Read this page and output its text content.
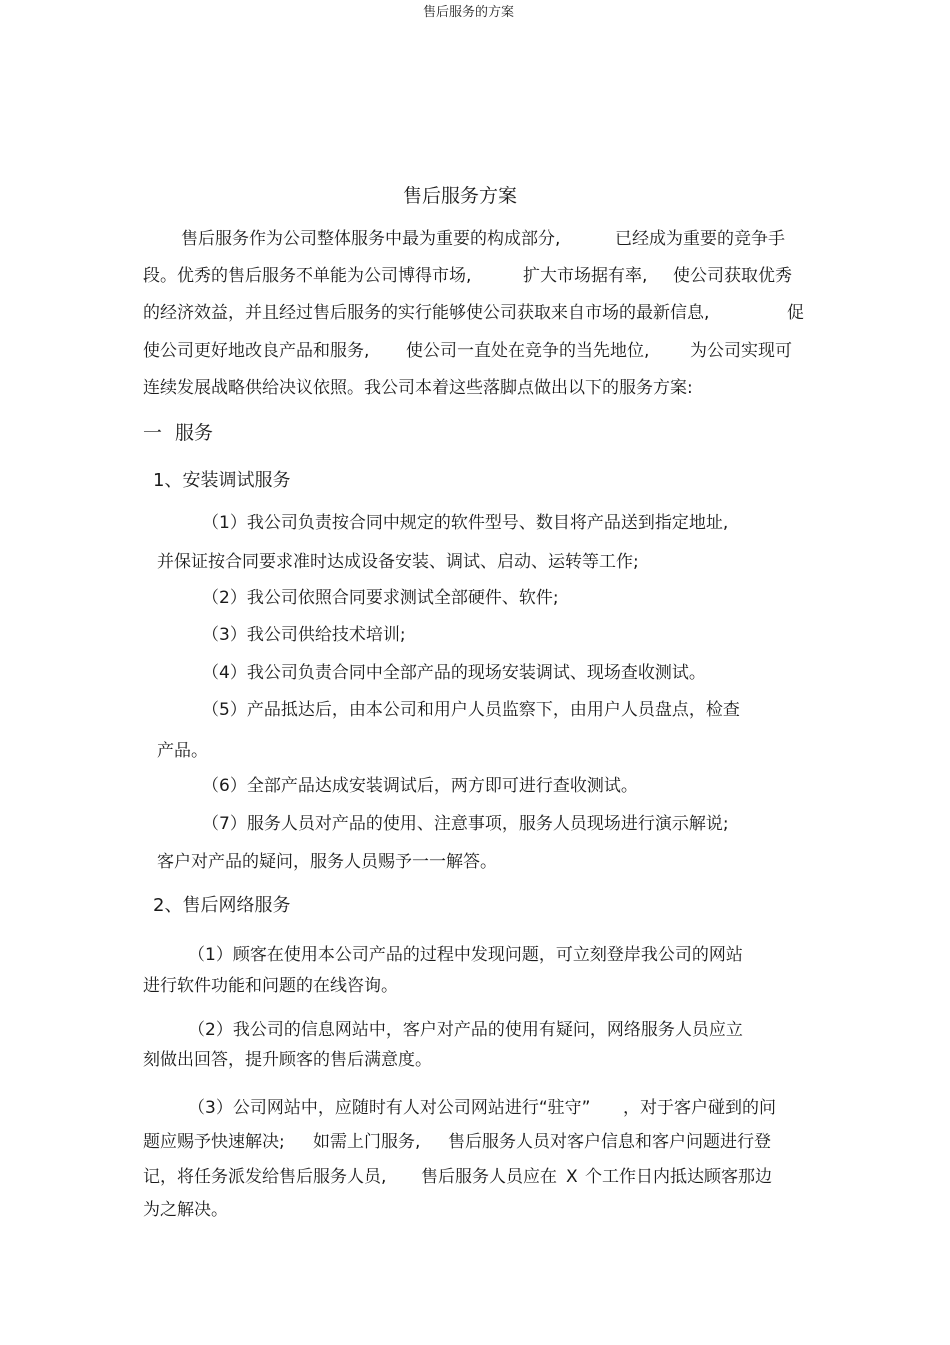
售后服务的方案
售后服务方案
售后服务作为公司整体服务中最为重要的构成部分,	已经成为重要的竞争手
段。优秀的售后服务不单能为公司博得市场,	扩大市场据有率, 使公司获取优秀
的经济效益，并且经过售后服务的实行能够使公司获取来自市场的最新信息,	促
使公司更好地改良产品和服务, 使公司一直处在竞争的当先地位, 为公司实现可
连续发展战略供给决议依照。我公司本着这些落脚点做出以下的服务方案:
一 服务
1、安装调试服务
（1）我公司负责按合同中规定的软件型号、数目将产品送到指定地址,
并保证按合同要求准时达成设备安装、调试、启动、运转等工作;
（2）我公司依照合同要求测试全部硬件、软件;
（3）我公司供给技术培训;
（4）我公司负责合同中全部产品的现场安装调试、现场查收测试。
（5）产品抵达后，由本公司和用户人员监察下，由用户人员盘点，检查
产品。
（6）全部产品达成安装调试后，两方即可进行查收测试。
（7）服务人员对产品的使用、注意事项，服务人员现场进行演示解说;
客户对产品的疑问，服务人员赐予一一解答。
2、售后网络服务
（1）顾客在使用本公司产品的过程中发现问题，可立刻登岸我公司的网站
进行软件功能和问题的在线咨询。
（2）我公司的信息网站中，客户对产品的使用有疑问，网络服务人员应立
刻做出回答，提升顾客的售后满意度。
（3）公司网站中，应随时有人对公司网站进行“驻守” ，对于客户碰到的问
题应赐予快速解决; 如需上门服务, 售后服务人员对客户信息和客户问题进行登
记，将任务派发给售后服务人员, 售后服务人员应在 X 个工作日内抵达顾客那边
为之解决。
